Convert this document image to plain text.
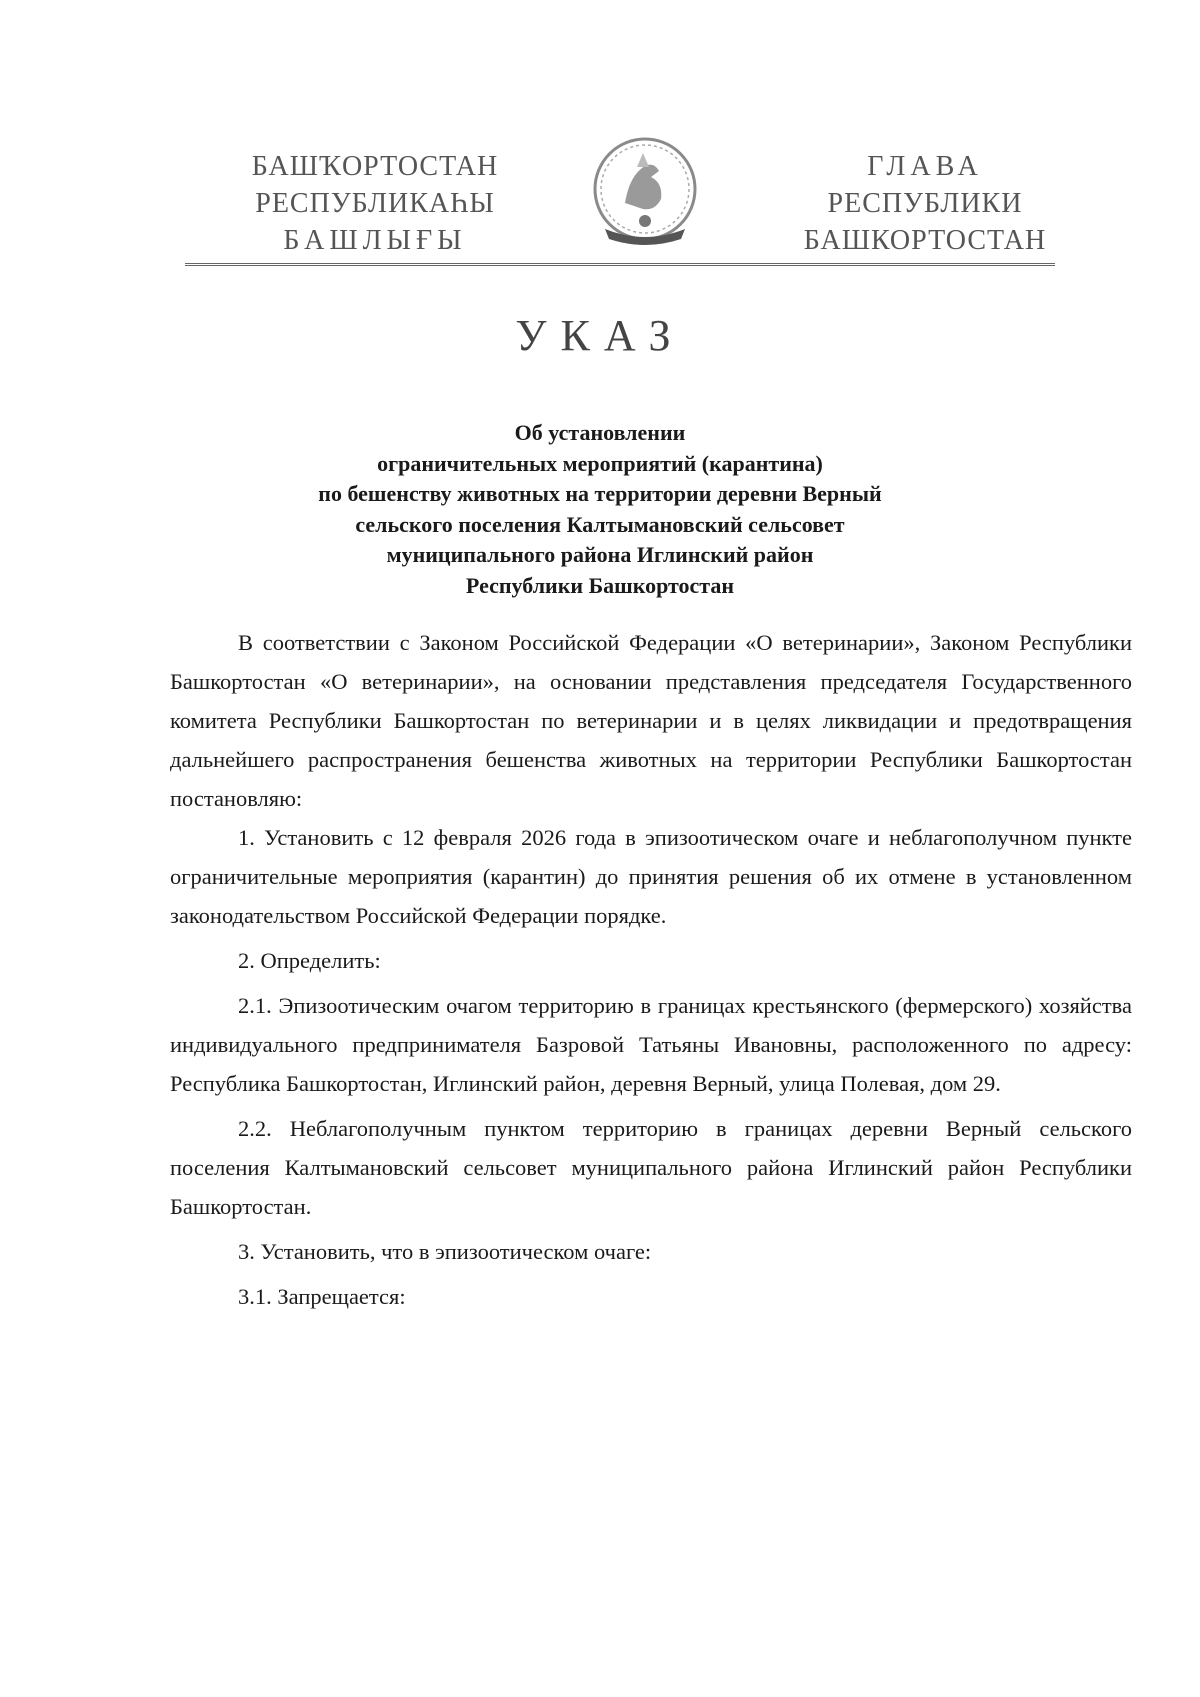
БАШҠОРТОСТАН
РЕСПУБЛИКАҺЫ
БАШЛЫҒЫ
ГЛАВА
РЕСПУБЛИКИ
БАШКОРТОСТАН
УКАЗ
Об установлении
ограничительных мероприятий (карантина)
по бешенству животных на территории деревни Верный
сельского поселения Калтымановский сельсовет
муниципального района Иглинский район
Республики Башкортостан

В соответствии с Законом Российской Федерации «О ветеринарии», Законом Республики Башкортостан «О ветеринарии», на основании представления председателя Государственного комитета Республики Башкортостан по ветеринарии и в целях ликвидации и предотвращения дальнейшего распространения бешенства животных на территории Республики Башкортостан постановляю:

1. Установить с 12 февраля 2026 года в эпизоотическом очаге и неблагополучном пункте ограничительные мероприятия (карантин) до принятия решения об их отмене в установленном законодательством Российской Федерации порядке.

2. Определить:

2.1. Эпизоотическим очагом территорию в границах крестьянского (фермерского) хозяйства индивидуального предпринимателя Базровой Татьяны Ивановны, расположенного по адресу: Республика Башкортостан, Иглинский район, деревня Верный, улица Полевая, дом 29.

2.2. Неблагополучным пунктом территорию в границах деревни Верный сельского поселения Калтымановский сельсовет муниципального района Иглинский район Республики Башкортостан.

3. Установить, что в эпизоотическом очаге:

3.1. Запрещается:
